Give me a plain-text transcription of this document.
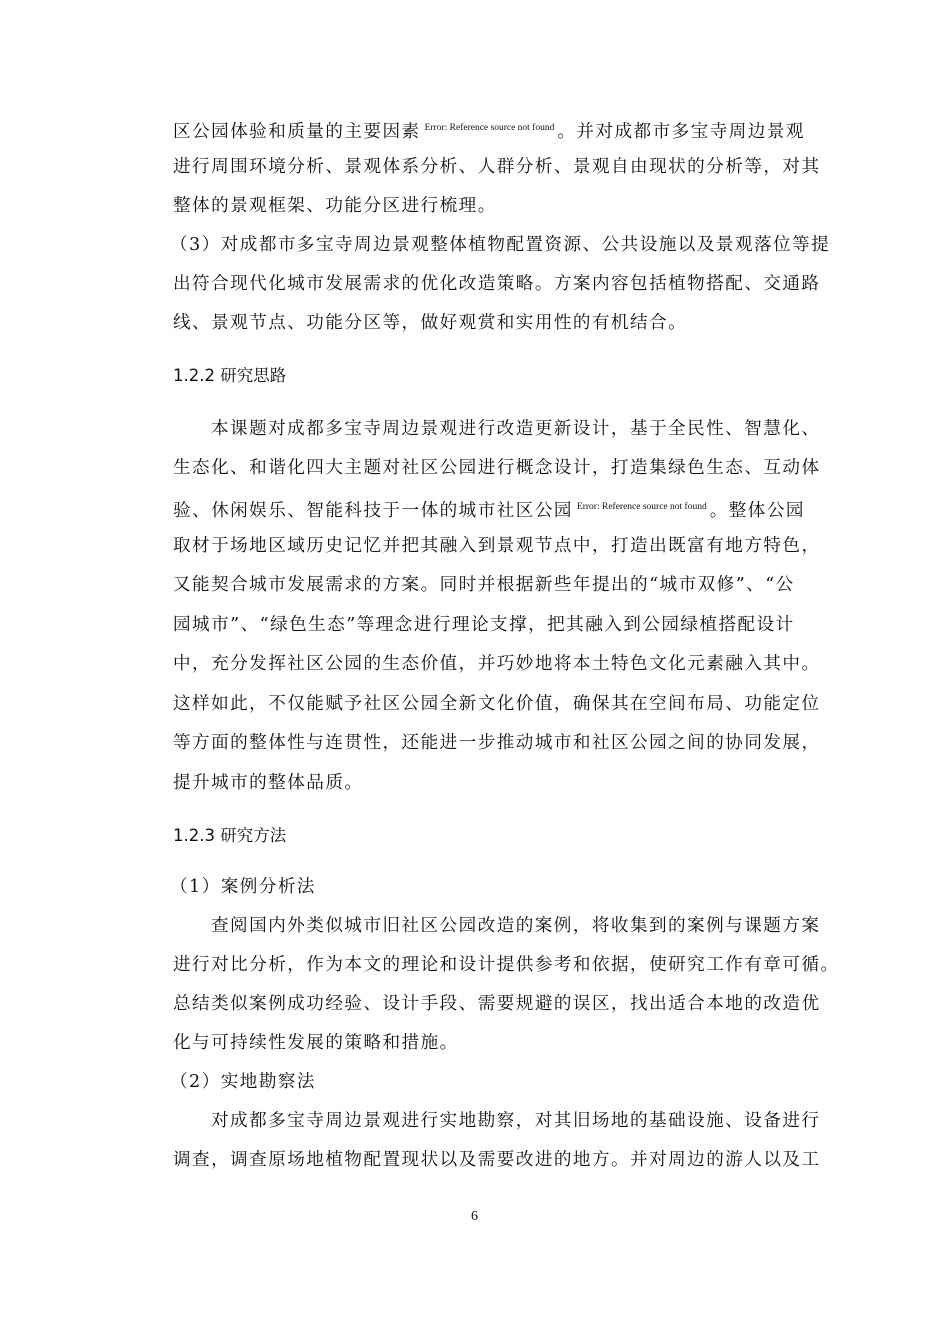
区公园体验和质量的主要因素 $^{Error: Reference source not found}$ 。并对成都市多宝寺周边景观
进行周围环境分析、景观体系分析、人群分析、景观自由现状的分析等，对其
整体的景观框架、功能分区进行梳理。
（3）对成都市多宝寺周边景观整体植物配置资源、公共设施以及景观落位等提
出符合现代化城市发展需求的优化改造策略。方案内容包括植物搭配、交通路
线、景观节点、功能分区等，做好观赏和实用性的有机结合。
1.2.2 研究思路
本课题对成都多宝寺周边景观进行改造更新设计，基于全民性、智慧化、
生态化、和谐化四大主题对社区公园进行概念设计，打造集绿色生态、互动体
验、休闲娱乐、智能科技于一体的城市社区公园 $^{Error: Reference source not found}$ 。整体公园
取材于场地区域历史记忆并把其融入到景观节点中，打造出既富有地方特色，
又能契合城市发展需求的方案。同时并根据新些年提出的“城市双修”、“公
园城市”、“绿色生态”等理念进行理论支撑，把其融入到公园绿植搭配设计
中，充分发挥社区公园的生态价值，并巧妙地将本土特色文化元素融入其中。
这样如此，不仅能赋予社区公园全新文化价值，确保其在空间布局、功能定位
等方面的整体性与连贯性，还能进一步推动城市和社区公园之间的协同发展，
提升城市的整体品质。
1.2.3 研究方法
（1）案例分析法
查阅国内外类似城市旧社区公园改造的案例，将收集到的案例与课题方案
进行对比分析，作为本文的理论和设计提供参考和依据，使研究工作有章可循。
总结类似案例成功经验、设计手段、需要规避的误区，找出适合本地的改造优
化与可持续性发展的策略和措施。
（2）实地勘察法
对成都多宝寺周边景观进行实地勘察，对其旧场地的基础设施、设备进行
调查，调查原场地植物配置现状以及需要改进的地方。并对周边的游人以及工
6
